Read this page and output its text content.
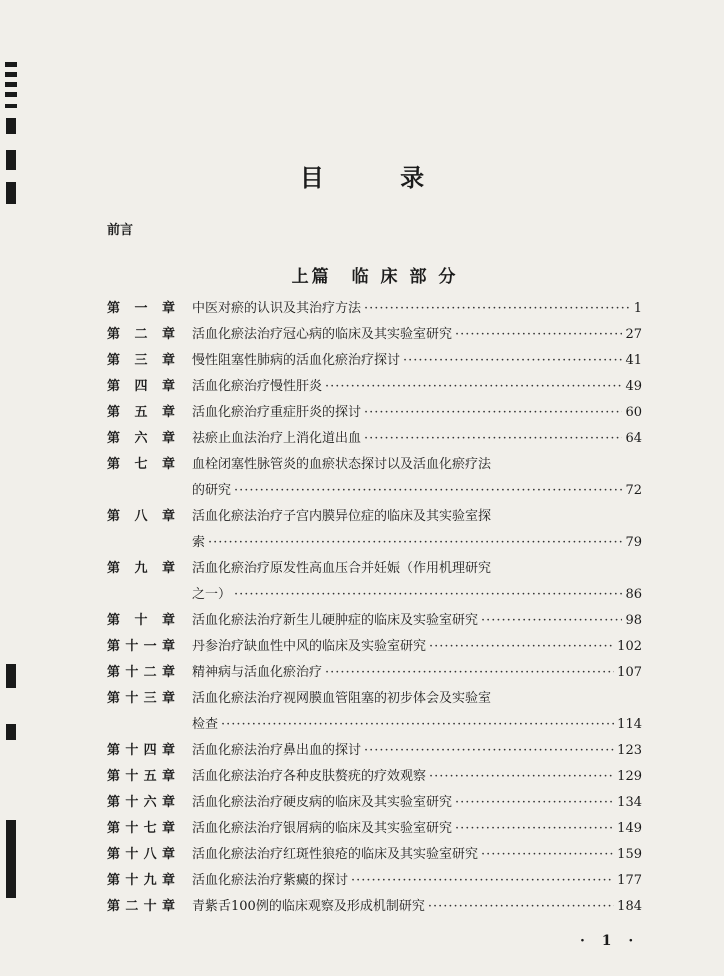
目 录
前言
上篇　临 床 部 分
第一章 中医对瘀的认识及其治疗方法 ·····	1
第二章 活血化瘀法治疗冠心病的临床及其实验室研究 ·····	27
第三章 慢性阻塞性肺病的活血化瘀治疗探讨 ·····	41
第四章 活血化瘀治疗慢性肝炎 ·····	49
第五章 活血化瘀治疗重症肝炎的探讨 ·····	60
第六章 祛瘀止血法治疗上消化道出血 ·····	64
第七章 血栓闭塞性脉管炎的血瘀状态探讨以及活血化瘀疗法
的研究 ·····	72
第八章 活血化瘀法治疗子宫内膜异位症的临床及其实验室探
索 ·····	79
第九章 活血化瘀治疗原发性高血压合并妊娠（作用机理研究
之一） ·····	86
第十章 活血化瘀法治疗新生儿硬肿症的临床及实验室研究 ·····	98
第十一章 丹参治疗缺血性中风的临床及实验室研究 ·····	102
第十二章 精神病与活血化瘀治疗 ·····	107
第十三章 活血化瘀法治疗视网膜血管阻塞的初步体会及实验室
检查 ·····	114
第十四章 活血化瘀法治疗鼻出血的探讨 ·····	123
第十五章 活血化瘀法治疗各种皮肤赘疣的疗效观察 ·····	129
第十六章 活血化瘀法治疗硬皮病的临床及其实验室研究 ·····	134
第十七章 活血化瘀法治疗银屑病的临床及其实验室研究 ·····	149
第十八章 活血化瘀法治疗红斑性狼疮的临床及其实验室研究 ·····	159
第十九章 活血化瘀法治疗紫癜的探讨 ·····	177
第二十章 青紫舌100例的临床观察及形成机制研究 ·····	184
· 1 ·
